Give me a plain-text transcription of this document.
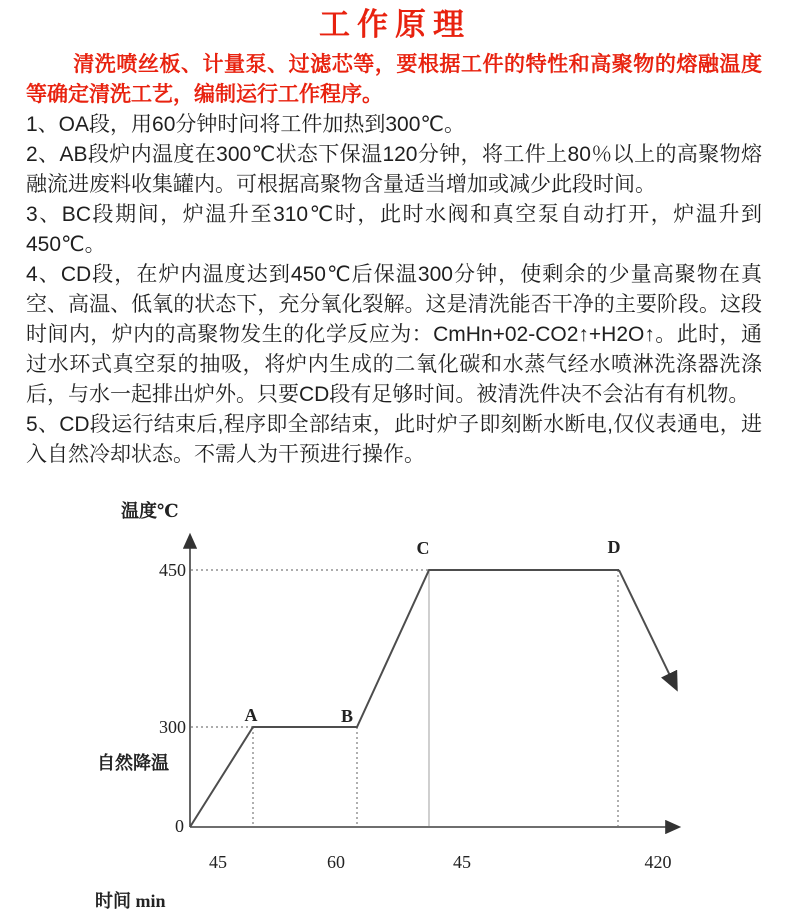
工作原理

清洗喷丝板、计量泵、过滤芯等，要根据工件的特性和高聚物的熔融温度等确定清洗工艺，编制运行工作程序。

1、OA段，用60分钟时问将工件加热到300℃。

2、AB段炉内温度在300℃状态下保温120分钟，将工件上80％以上的高聚物熔融流进废料收集罐内。可根据高聚物含量适当增加或减少此段时间。

3、BC段期间，炉温升至310℃时，此时水阀和真空泵自动打开，炉温升到450℃。

4、CD段，在炉内温度达到450℃后保温300分钟，使剩余的少量高聚物在真空、高温、低氧的状态下，充分氧化裂解。这是清洗能否干净的主要阶段。这段时间内，炉内的高聚物发生的化学反应为：CmHn+02-CO2↑+H2O↑。此时，通过水环式真空泵的抽吸，将炉内生成的二氧化碳和水蒸气经水喷淋洗涤器洗涤后，与水一起排出炉外。只要CD段有足够时间。被清洗件决不会沾有有机物。

5、CD段运行结束后,程序即全部结束，此时炉子即刻断水断电,仅仪表通电，进入自然冷却状态。不需人为干预进行操作。

温度℃
450
300
0
自然降温
A	B
C	D
45	60	45	420
时间 min
